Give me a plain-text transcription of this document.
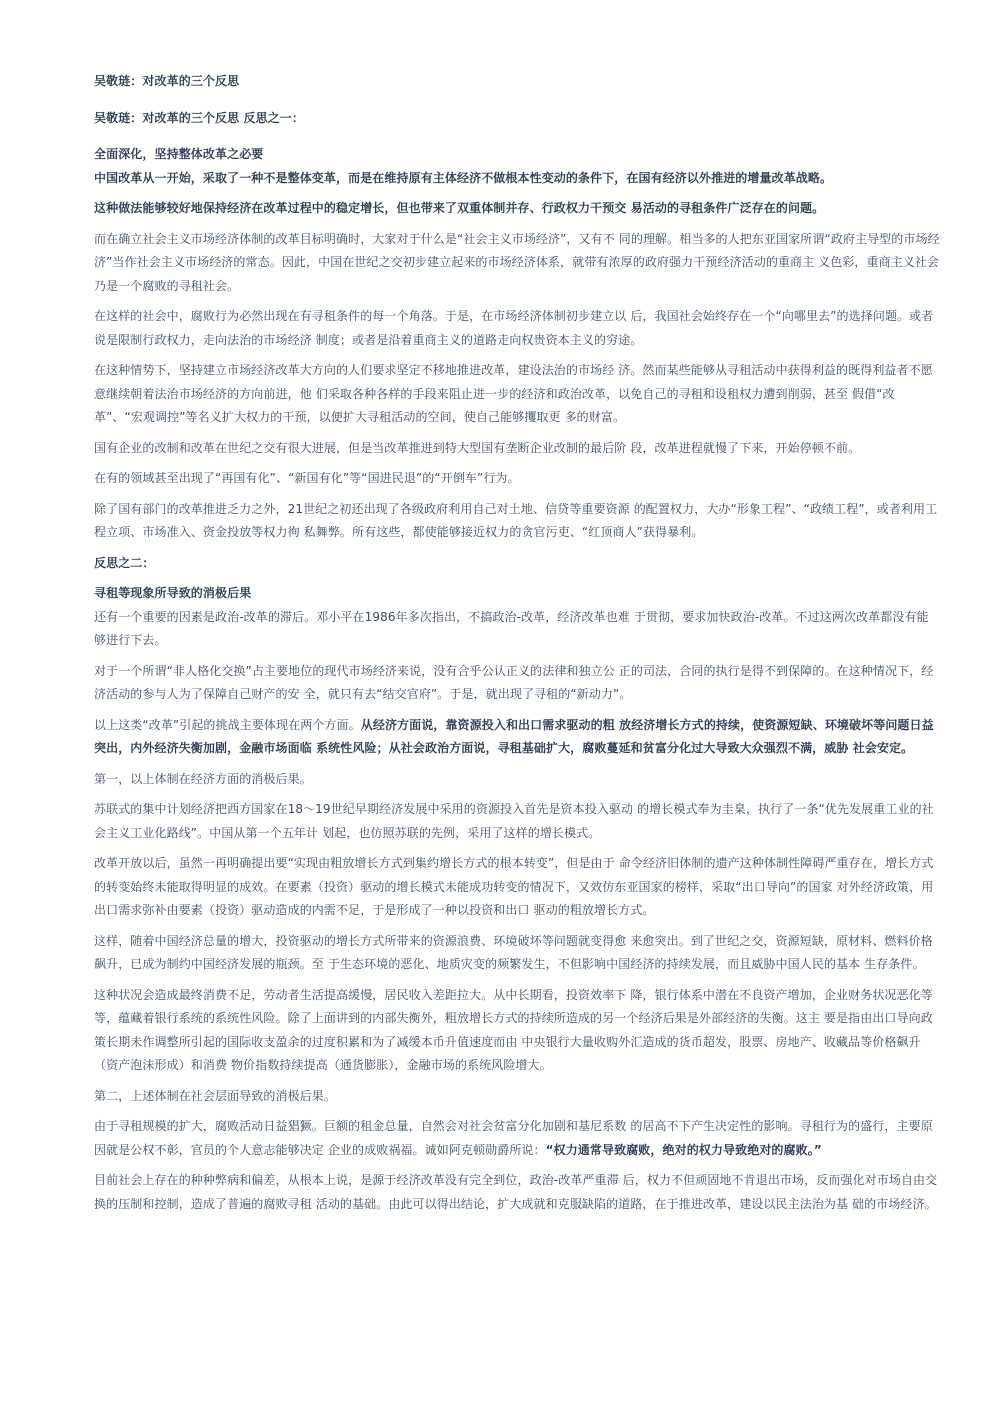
吴敬琏：对改革的三个反思

吴敬琏：对改革的三个反思 反思之一：

全面深化，坚持整体改革之必要

中国改革从一开始，采取了一种不是整体变革，而是在维持原有主体经济不做根本性变动的条件下，在国有经济以外推进的增量改革战略。

这种做法能够较好地保持经济在改革过程中的稳定增长，但也带来了双重体制并存、行政权力干预交 易活动的寻租条件广泛存在的问题。

而在确立社会主义市场经济体制的改革目标明确时，大家对于什么是“社会主义市场经济”，又有不 同的理解。相当多的人把东亚国家所谓“政府主导型的市场经济”当作社会主义市场经济的常态。因此，中国在世纪之交初步建立起来的市场经济体系，就带有浓厚的政府强力干预经济活动的重商主 义色彩，重商主义社会乃是一个腐败的寻租社会。

在这样的社会中，腐败行为必然出现在有寻租条件的每一个角落。于是，在市场经济体制初步建立以 后，我国社会始终存在一个“向哪里去”的选择问题。或者说是限制行政权力，走向法治的市场经济 制度；或者是沿着重商主义的道路走向权贵资本主义的穷途。

在这种情势下，坚持建立市场经济改革大方向的人们要求坚定不移地推进改革，建设法治的市场经 济。然而某些能够从寻租活动中获得利益的既得利益者不愿意继续朝着法治市场经济的方向前进，他 们采取各种各样的手段来阻止进一步的经济和政治改革，以免自己的寻租和设租权力遭到削弱，甚至 假借“改革”、“宏观调控”等名义扩大权力的干预，以便扩大寻租活动的空间，使自己能够攫取更 多的财富。

国有企业的改制和改革在世纪之交有很大进展，但是当改革推进到特大型国有垄断企业改制的最后阶 段，改革进程就慢了下来，开始停顿不前。

在有的领域甚至出现了“再国有化”、“新国有化”等“国进民退”的“开倒车”行为。

除了国有部门的改革推进乏力之外，21世纪之初还出现了各级政府利用自己对土地、信贷等重要资源 的配置权力，大办“形象工程”、“政绩工程”，或者利用工程立项、市场准入、资金投放等权力徇 私舞弊。所有这些，都使能够接近权力的贪官污吏、“红顶商人”获得暴利。

反思之二：

寻租等现象所导致的消极后果

还有一个重要的因素是政治-改革的滞后。邓小平在1986年多次指出，不搞政治-改革，经济改革也难 于贯彻，要求加快政治-改革。不过这两次改革都没有能够进行下去。

对于一个所谓“非人格化交换”占主要地位的现代市场经济来说，没有合乎公认正义的法律和独立公 正的司法，合同的执行是得不到保障的。在这种情况下，经济活动的参与人为了保障自己财产的安 全，就只有去“结交官府”。于是，就出现了寻租的“新动力”。

以上这类“改革”引起的挑战主要体现在两个方面。从经济方面说，靠资源投入和出口需求驱动的粗 放经济增长方式的持续，使资源短缺、环境破坏等问题日益突出，内外经济失衡加剧，金融市场面临 系统性风险；从社会政治方面说，寻租基础扩大，腐败蔓延和贫富分化过大导致大众强烈不满，威胁 社会安定。

第一，以上体制在经济方面的消极后果。

苏联式的集中计划经济把西方国家在18～19世纪早期经济发展中采用的资源投入首先是资本投入驱动 的增长模式奉为圭臬，执行了一条“优先发展重工业的社会主义工业化路线”。中国从第一个五年计 划起，也仿照苏联的先例，采用了这样的增长模式。

改革开放以后，虽然一再明确提出要“实现由粗放增长方式到集约增长方式的根本转变”，但是由于 命令经济旧体制的遗产这种体制性障碍严重存在，增长方式的转变始终未能取得明显的成效。在要素（投资）驱动的增长模式未能成功转变的情况下，又效仿东亚国家的榜样，采取“出口导向”的国家 对外经济政策，用出口需求弥补由要素（投资）驱动造成的内需不足，于是形成了一种以投资和出口 驱动的粗放增长方式。

这样，随着中国经济总量的增大，投资驱动的增长方式所带来的资源浪费、环境破坏等问题就变得愈 来愈突出。到了世纪之交，资源短缺，原材料、燃料价格飙升，已成为制约中国经济发展的瓶颈。至 于生态环境的恶化、地质灾变的频繁发生，不但影响中国经济的持续发展，而且威胁中国人民的基本 生存条件。

这种状况会造成最终消费不足，劳动者生活提高缓慢，居民收入差距拉大。从中长期看，投资效率下 降，银行体系中潜在不良资产增加，企业财务状况恶化等等，蕴藏着银行系统的系统性风险。除了上面讲到的内部失衡外，粗放增长方式的持续所造成的另一个经济后果是外部经济的失衡。这主 要是指由出口导向政策长期未作调整所引起的国际收支盈余的过度积累和为了减缓本币升值速度而由 中央银行大量收购外汇造成的货币超发，股票、房地产、收藏品等价格飙升（资产泡沫形成）和消费 物价指数持续提高（通货膨胀），金融市场的系统风险增大。

第二，上述体制在社会层面导致的消极后果。

由于寻租规模的扩大，腐败活动日益猖獗。巨额的租金总量，自然会对社会贫富分化加剧和基尼系数 的居高不下产生决定性的影响。寻租行为的盛行，主要原因就是公权不彰，官员的个人意志能够决定 企业的成败祸福。诚如阿克顿勋爵所说：“权力通常导致腐败，绝对的权力导致绝对的腐败。”

目前社会上存在的种种弊病和偏差，从根本上说，是源于经济改革没有完全到位，政治-改革严重滞 后，权力不但顽固地不肯退出市场，反而强化对市场自由交换的压制和控制，造成了普遍的腐败寻租 活动的基础。由此可以得出结论，扩大成就和克服缺陷的道路，在于推进改革，建设以民主法治为基 础的市场经济。
